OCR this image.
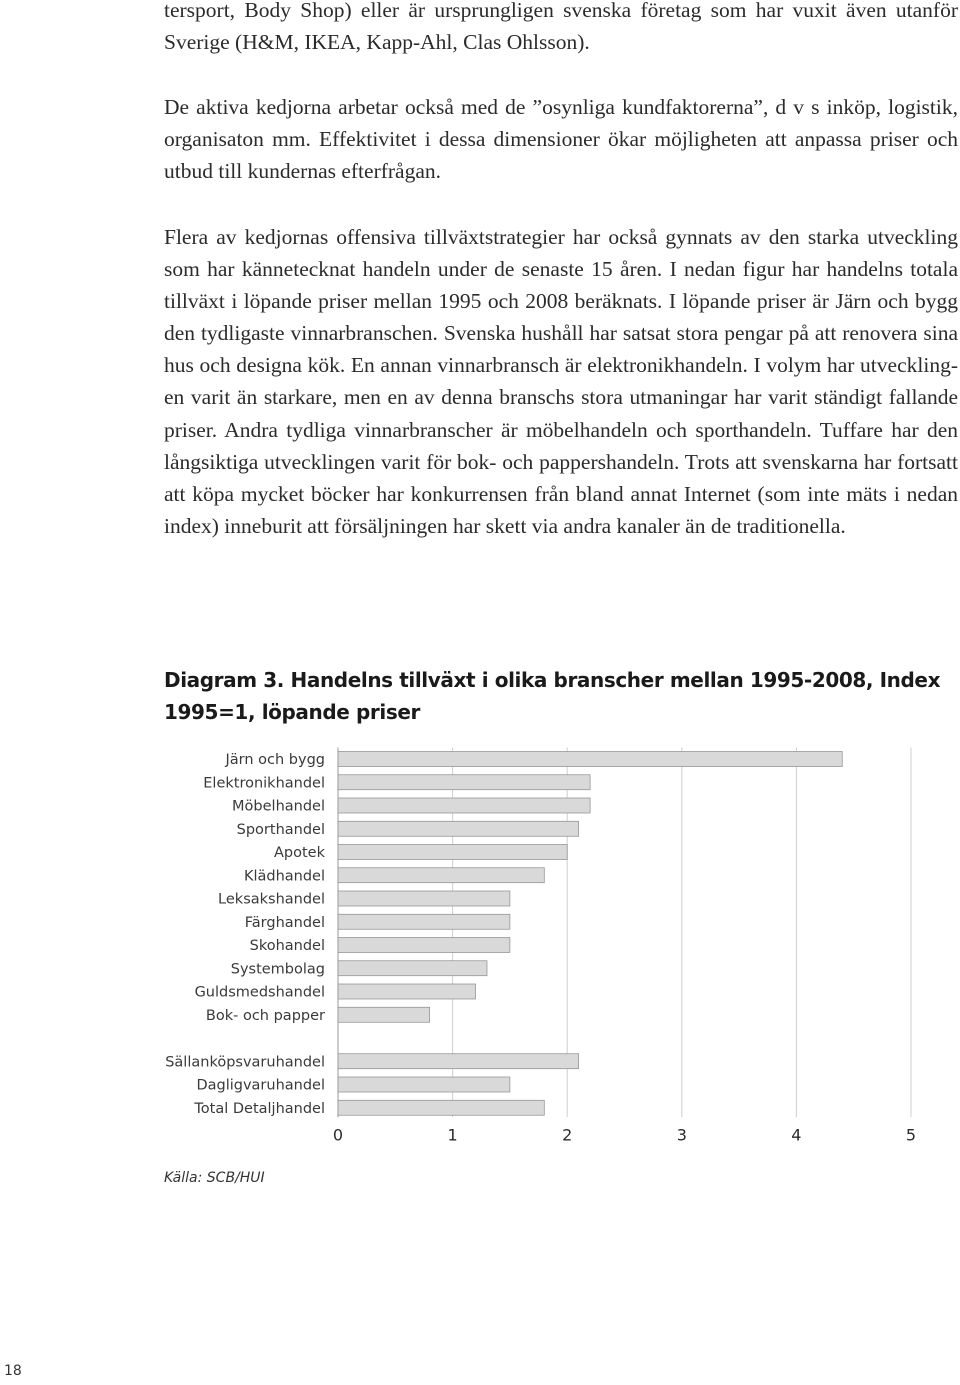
tersport, Body Shop) eller är ursprungligen svenska företag som har vuxit även utanför Sverige (H&M, IKEA, Kapp-Ahl, Clas Ohlsson).

De aktiva kedjorna arbetar också med de ”osynliga kundfaktorerna”, d v s inköp, logistik, organisaton mm. Effektivitet i dessa dimensioner ökar möjligheten att anpassa priser och utbud till kundernas efterfrågan.

Flera av kedjornas offensiva tillväxtstrategier har också gynnats av den starka utveckling som har kännetecknat handeln under de senaste 15 åren. I nedan figur har handelns totala tillväxt i löpande priser mellan 1995 och 2008 beräknats. I löpande priser är Järn och bygg den tydligaste vinnarbranschen. Svenska hushåll har satsat stora pengar på att renovera sina hus och designa kök. En annan vinnarbransch är elektronikhandeln. I volym har utvecklingen varit än starkare, men en av denna branschs stora utmaningar har varit ständigt fallande priser. Andra tydliga vinnarbranscher är möbelhandeln och sporthandeln. Tuffare har den långsiktiga utvecklingen varit för bok- och pappershandeln. Trots att svenskarna har fortsatt att köpa mycket böcker har konkurrensen från bland annat Internet (som inte mäts i nedan index) inneburit att försäljningen har skett via andra kanaler än de traditionella.

Diagram 3. Handelns tillväxt i olika branscher mellan 1995-2008, Index 1995=1, löpande priser
Järn och bygg
Elektronikhandel
Möbelhandel
Sporthandel
Apotek
Klädhandel
Leksakshandel
Färghandel
Skohandel
Systembolag
Guldsmedshandel
Bok- och papper
Sällanköpsvaruhandel
Dagligvaruhandel
Total Detaljhandel
0	1	2	3	4	5
Källa: SCB/HUI
18
